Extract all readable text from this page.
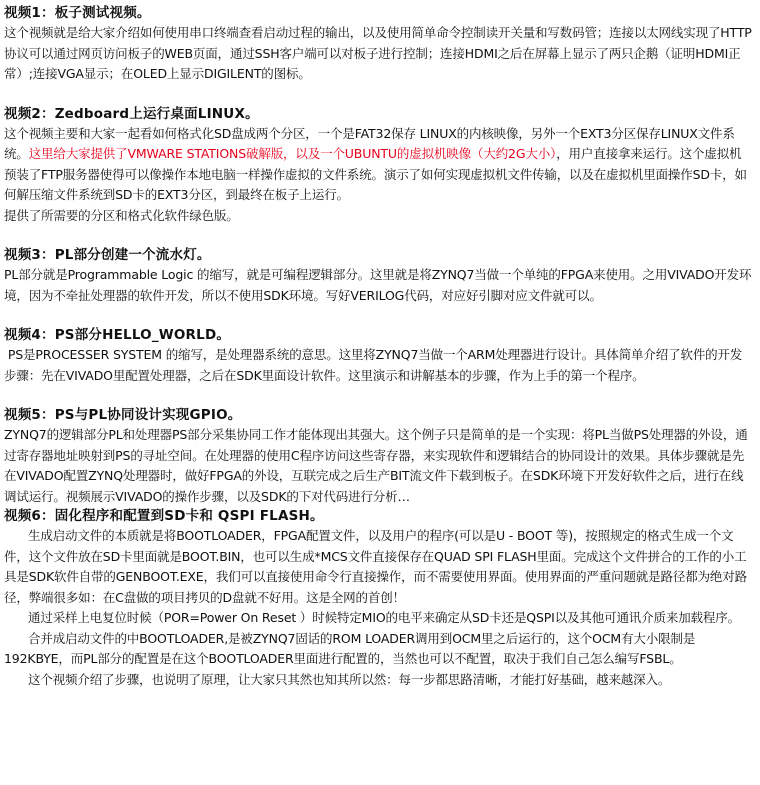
视频1：板子测试视频。

这个视频就是给大家介绍如何使用串口终端查看启动过程的输出，以及使用简单命令控制读开关量和写数码管；连接以太网线实现了HTTP协议可以通过网页访问板子的WEB页面，通过SSH客户端可以对板子进行控制；连接HDMI之后在屏幕上显示了两只企鹅（证明HDMI正常）;连接VGA显示；在OLED上显示DIGILENT的图标。

视频2：Zedboard上运行桌面LINUX。

这个视频主要和大家一起看如何格式化SD盘成两个分区，一个是FAT32保存 LINUX的内核映像，另外一个EXT3分区保存LINUX文件系统。这里给大家提供了VMWARE STATIONS破解版，以及一个UBUNTU的虚拟机映像（大约2G大小），用户直接拿来运行。这个虚拟机预装了FTP服务器使得可以像操作本地电脑一样操作虚拟的文件系统。演示了如何实现虚拟机文件传输，以及在虚拟机里面操作SD卡，如何解压缩文件系统到SD卡的EXT3分区，到最终在板子上运行。

提供了所需要的分区和格式化软件绿色版。

视频3：PL部分创建一个流水灯。

PL部分就是Programmable Logic 的缩写，就是可编程逻辑部分。这里就是将ZYNQ7当做一个单纯的FPGA来使用。之用VIVADO开发环境，因为不牵扯处理器的软件开发，所以不使用SDK环境。写好VERILOG代码，对应好引脚对应文件就可以。

视频4：PS部分HELLO_WORLD。

PS是PROCESSER SYSTEM 的缩写，是处理器系统的意思。这里将ZYNQ7当做一个ARM处理器进行设计。具体简单介绍了软件的开发步骤：先在VIVADO里配置处理器，之后在SDK里面设计软件。这里演示和讲解基本的步骤，作为上手的第一个程序。

视频5：PS与PL协同设计实现GPIO。

ZYNQ7的逻辑部分PL和处理器PS部分采集协同工作才能体现出其强大。这个例子只是简单的是一个实现：将PL当做PS处理器的外设，通过寄存器地址映射到PS的寻址空间。在处理器的使用C程序访问这些寄存器，来实现软件和逻辑结合的协同设计的效果。具体步骤就是先在VIVADO配置ZYNQ处理器时，做好FPGA的外设，互联完成之后生产BIT流文件下载到板子。在SDK环境下开发好软件之后，进行在线调试运行。视频展示VIVADO的操作步骤，以及SDK的下对代码进行分析…

视频6：固化程序和配置到SD卡和 QSPI FLASH。

生成启动文件的本质就是将BOOTLOADER，FPGA配置文件，以及用户的程序(可以是U - BOOT 等)，按照规定的格式生成一个文件，这个文件放在SD卡里面就是BOOT.BIN，也可以生成*MCS文件直接保存在QUAD SPI FLASH里面。完成这个文件拼合的工作的小工具是SDK软件自带的GENBOOT.EXE，我们可以直接使用命令行直接操作，而不需要使用界面。使用界面的严重问题就是路径都为绝对路径，弊端很多如：在C盘做的项目拷贝的D盘就不好用。这是全网的首创！

通过采样上电复位时候（POR=Power On Reset ）时候特定MIO的电平来确定从SD卡还是QSPI以及其他可通讯介质来加载程序。

合并成启动文件的中BOOTLOADER,是被ZYNQ7固话的ROM LOADER调用到OCM里之后运行的，这个OCM有大小限制是192KBYE，而PL部分的配置是在这个BOOTLOADER里面进行配置的，当然也可以不配置，取决于我们自己怎么编写FSBL。

这个视频介绍了步骤，也说明了原理，让大家只其然也知其所以然：每一步都思路清晰，才能打好基础，越来越深入。
